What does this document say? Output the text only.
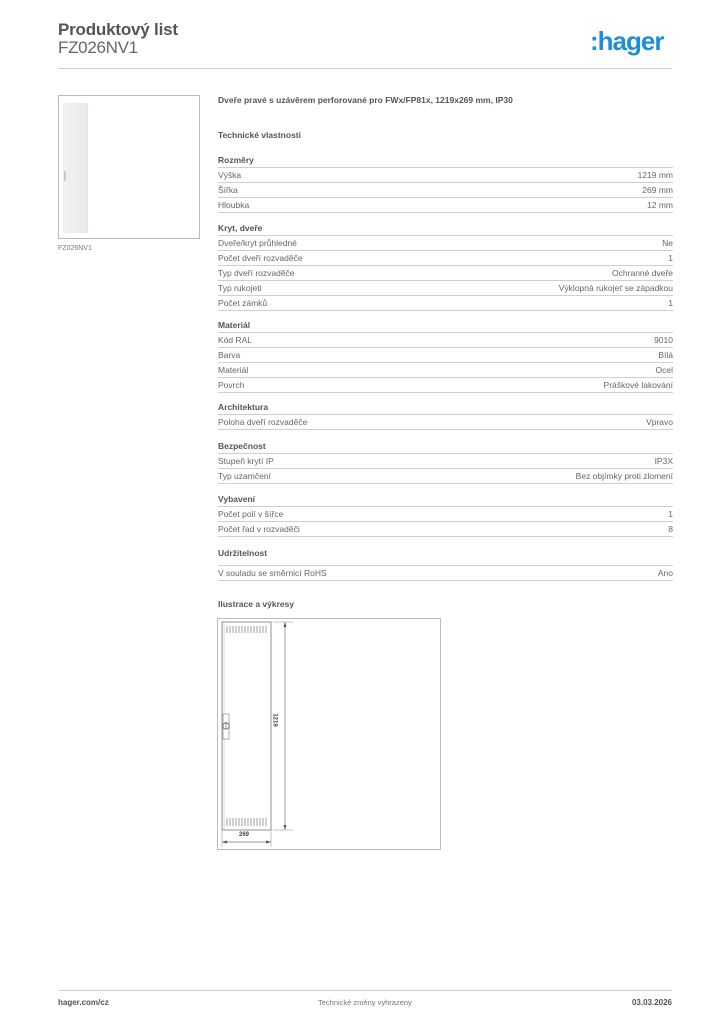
Produktový list
FZ026NV1	:hager
FZ026NV1
Dveře pravé s uzávěrem perforované pro FWx/FP81x, 1219x269 mm, IP30
Technické vlastnosti
Rozměry
Výška	1219 mm
Šířka	269 mm
Hloubka	12 mm
Kryt, dveře
Dveře/kryt průhledné	Ne
Počet dveří rozvaděče	1
Typ dveří rozvaděče	Ochranné dveře
Typ rukojeti	Výklopná rukojeť se západkou
Počet zámků	1
Materiál
Kód RAL	9010
Barva	Bílá
Materiál	Ocel
Povrch	Práškové lakování
Architektura
Poloha dveří rozvaděče	Vpravo
Bezpečnost
Stupeň krytí IP	IP3X
Typ uzamčení	Bez objímky proti zlomení
Vybavení
Počet polí v šířce	1
Počet řad v rozvaděči	8
Udržitelnost
V souladu se směrnicí RoHS	Ano
Ilustrace a výkresy
1219
269
hager.com/cz	Technické změny vyhrazeny	03.03.2026
